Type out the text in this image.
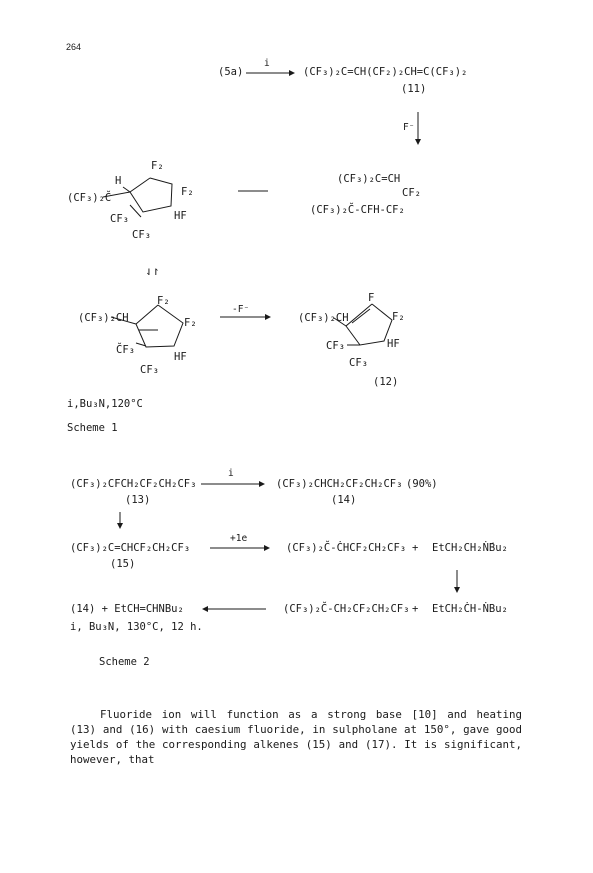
264
(5a)
i
(CF₃)₂C=CH(CF₂)₂CH=C(CF₃)₂
(11)
F⁻
(CF₃)₂C=CH
CF₂
(CF₃)₂C̆-CFH-CF₂
(CF₃)₂C̆
H
F₂
F₂
HF
CF₃
CF₃
⇃↾
(CF₃)₂CH
F₂
F₂
HF
C̆F₃
CF₃
-F⁻
(CF₃)₂CH
F
F₂
HF
CF₃
CF₃
(12)
i,Bu₃N,120°C
Scheme 1
(CF₃)₂CFCH₂CF₂CH₂CF₃
(13)
i
(CF₃)₂CHCH₂CF₂CH₂CF₃ (90%)
(14)
(CF₃)₂C=CHCF₂CH₂CF₃
(15)
+1e
(CF₃)₂C̆-ĊHCF₂CH₂CF₃ + EtCH₂CH₂Ṅ́Bu₂
(14) + EtCH=CHNBu₂	(CF₃)₂C̆-CH₂CF₂CH₂CF₃ + EtCH₂ĊH-ṄBu₂
i, Bu₃N, 130°C, 12 h.
Scheme 2
Fluoride ion will function as a strong base [10] and heating (13) and (16) with caesium fluoride, in sulpholane at 150°, gave good yields of the corresponding alkenes (15) and (17). It is significant, however, that
